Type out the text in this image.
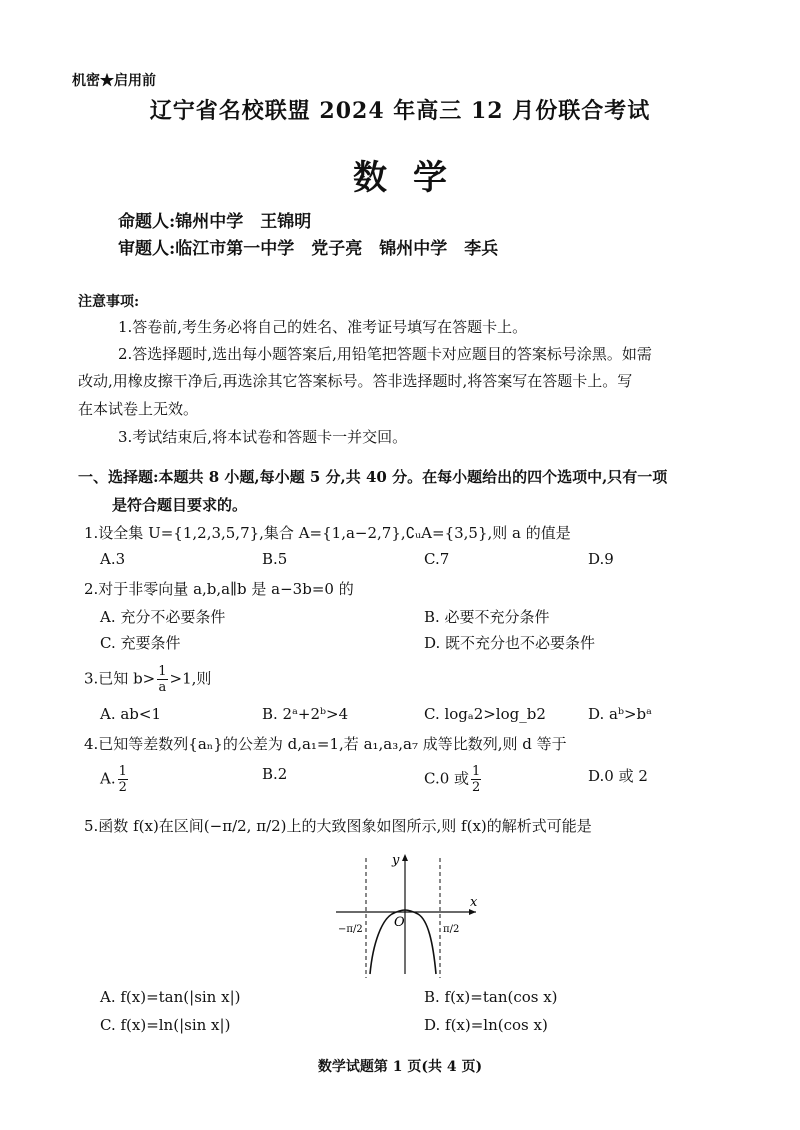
机密★启用前
辽宁省名校联盟 2024 年高三 12 月份联合考试
数学
命题人:锦州中学　王锦明
审题人:临江市第一中学　党子亮　锦州中学　李兵
注意事项:
1.答卷前,考生务必将自己的姓名、准考证号填写在答题卡上。
2.答选择题时,选出每小题答案后,用铅笔把答题卡对应题目的答案标号涂黑。如需
改动,用橡皮擦干净后,再选涂其它答案标号。答非选择题时,将答案写在答题卡上。写
在本试卷上无效。
3.考试结束后,将本试卷和答题卡一并交回。
一、选择题:本题共 8 小题,每小题 5 分,共 40 分。在每小题给出的四个选项中,只有一项
是符合题目要求的。
1.设全集 U={1,2,3,5,7},集合 A={1,a−2,7},∁ᵤA={3,5},则 a 的值是
A.3	B.5	C.7	D.9
2.对于非零向量 a,b,a∥b 是 a−3b=0 的
A. 充分不必要条件	B. 必要不充分条件
C. 充要条件	D. 既不充分也不必要条件
3.已知 $b> \frac{1}{a} >1$,则
A. ab<1	B. 2ᵃ+2ᵇ>4	C. logₐ2>log_b2	D. aᵇ>bᵃ
4.已知等差数列{aₙ}的公差为 d,a₁=1,若 a₁,a₃,a₇ 成等比数列,则 d 等于
A. $\frac{1}{2}$	B.2	C.0 或 $\frac{1}{2}$	D.0 或 2
5.函数 f(x)在区间(−π/2, π/2)上的大致图象如图所示,则 f(x)的解析式可能是
y
x
O
−π/2	π/2
A. f(x)=tan(|sin x|)	B. f(x)=tan(cos x)
C. f(x)=ln(|sin x|)	D. f(x)=ln(cos x)
数学试题第 1 页(共 4 页)
